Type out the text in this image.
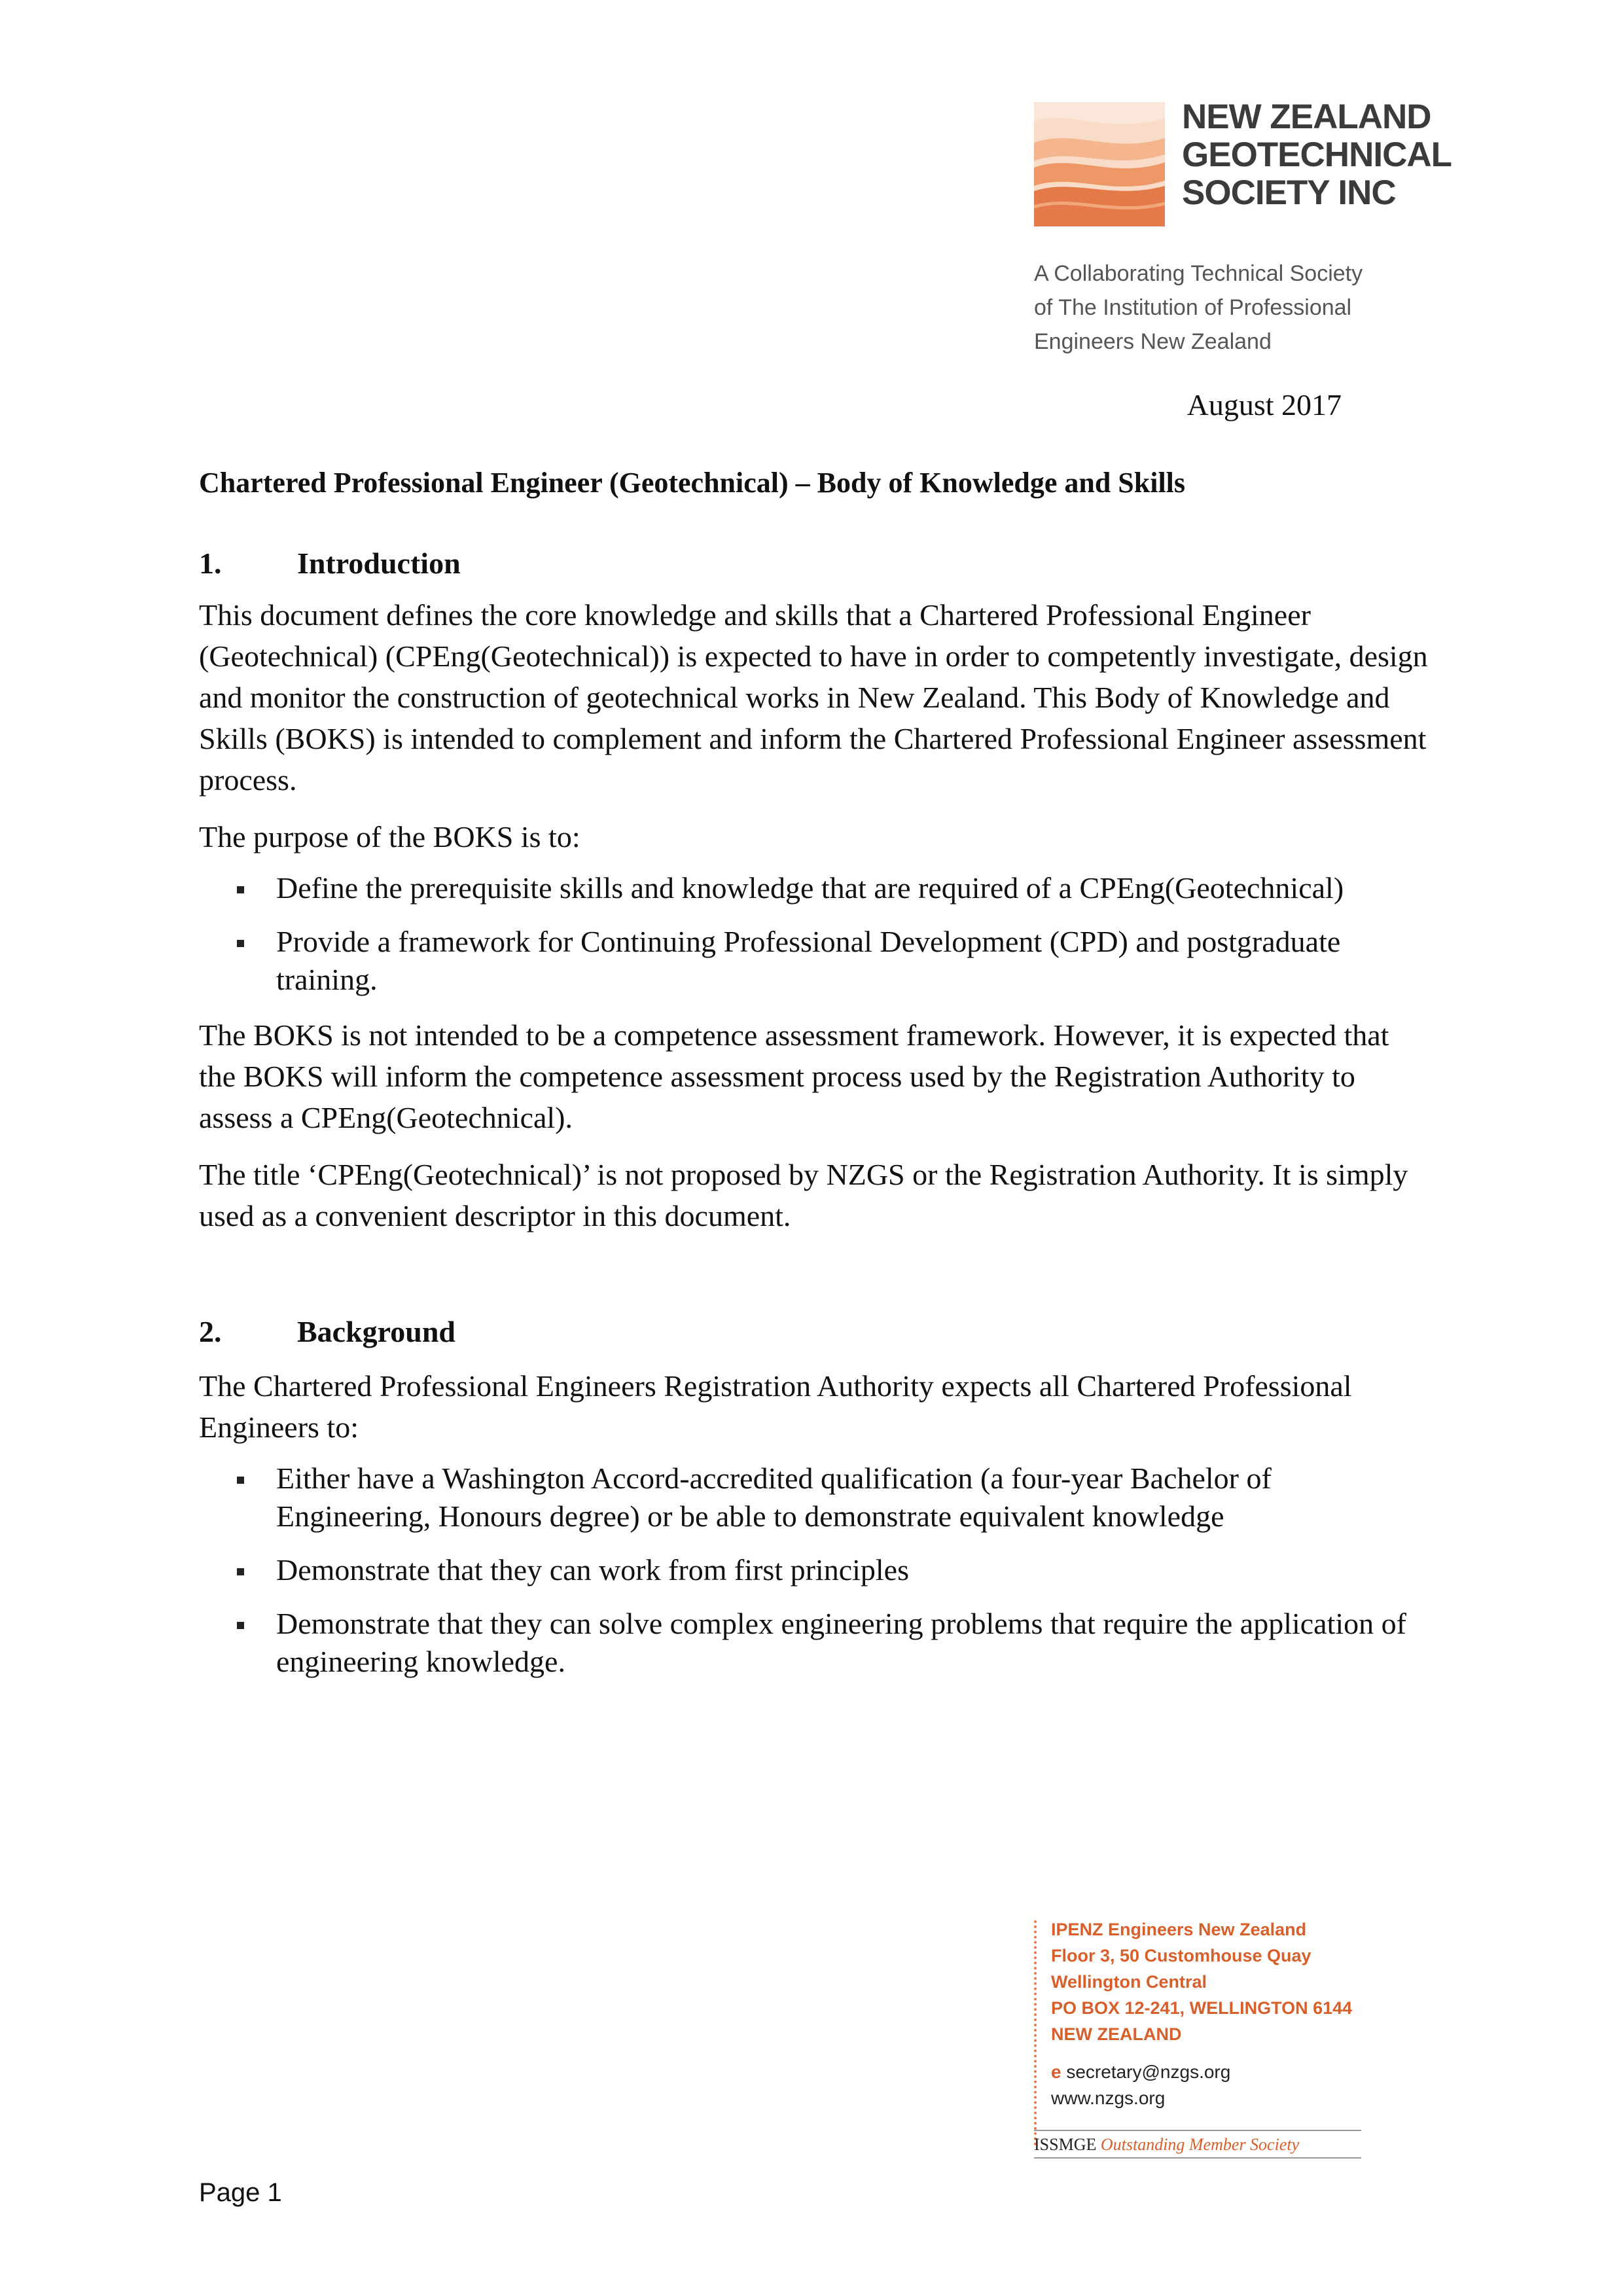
NEW ZEALAND
GEOTECHNICAL
SOCIETY INC
A Collaborating Technical Society
of The Institution of Professional
Engineers New Zealand
August 2017
Chartered Professional Engineer (Geotechnical) – Body of Knowledge and Skills
1.	Introduction

This document defines the core knowledge and skills that a Chartered Professional Engineer (Geotechnical) (CPEng(Geotechnical)) is expected to have in order to competently investigate, design and monitor the construction of geotechnical works in New Zealand. This Body of Knowledge and Skills (BOKS) is intended to complement and inform the Chartered Professional Engineer assessment process.

The purpose of the BOKS is to:

Define the prerequisite skills and knowledge that are required of a CPEng(Geotechnical)
Provide a framework for Continuing Professional Development (CPD) and postgraduate training.

The BOKS is not intended to be a competence assessment framework. However, it is expected that the BOKS will inform the competence assessment process used by the Registration Authority to assess a CPEng(Geotechnical).

The title ‘CPEng(Geotechnical)’ is not proposed by NZGS or the Registration Authority. It is simply used as a convenient descriptor in this document.

2.	Background

The Chartered Professional Engineers Registration Authority expects all Chartered Professional Engineers to:

Either have a Washington Accord-accredited qualification (a four-year Bachelor of Engineering, Honours degree) or be able to demonstrate equivalent knowledge
Demonstrate that they can work from first principles
Demonstrate that they can solve complex engineering problems that require the application of engineering knowledge.
IPENZ Engineers New Zealand
Floor 3, 50 Customhouse Quay
Wellington Central
PO BOX 12-241, WELLINGTON 6144
NEW ZEALAND
e secretary@nzgs.org
www.nzgs.org
ISSMGE Outstanding Member Society
Page 1
